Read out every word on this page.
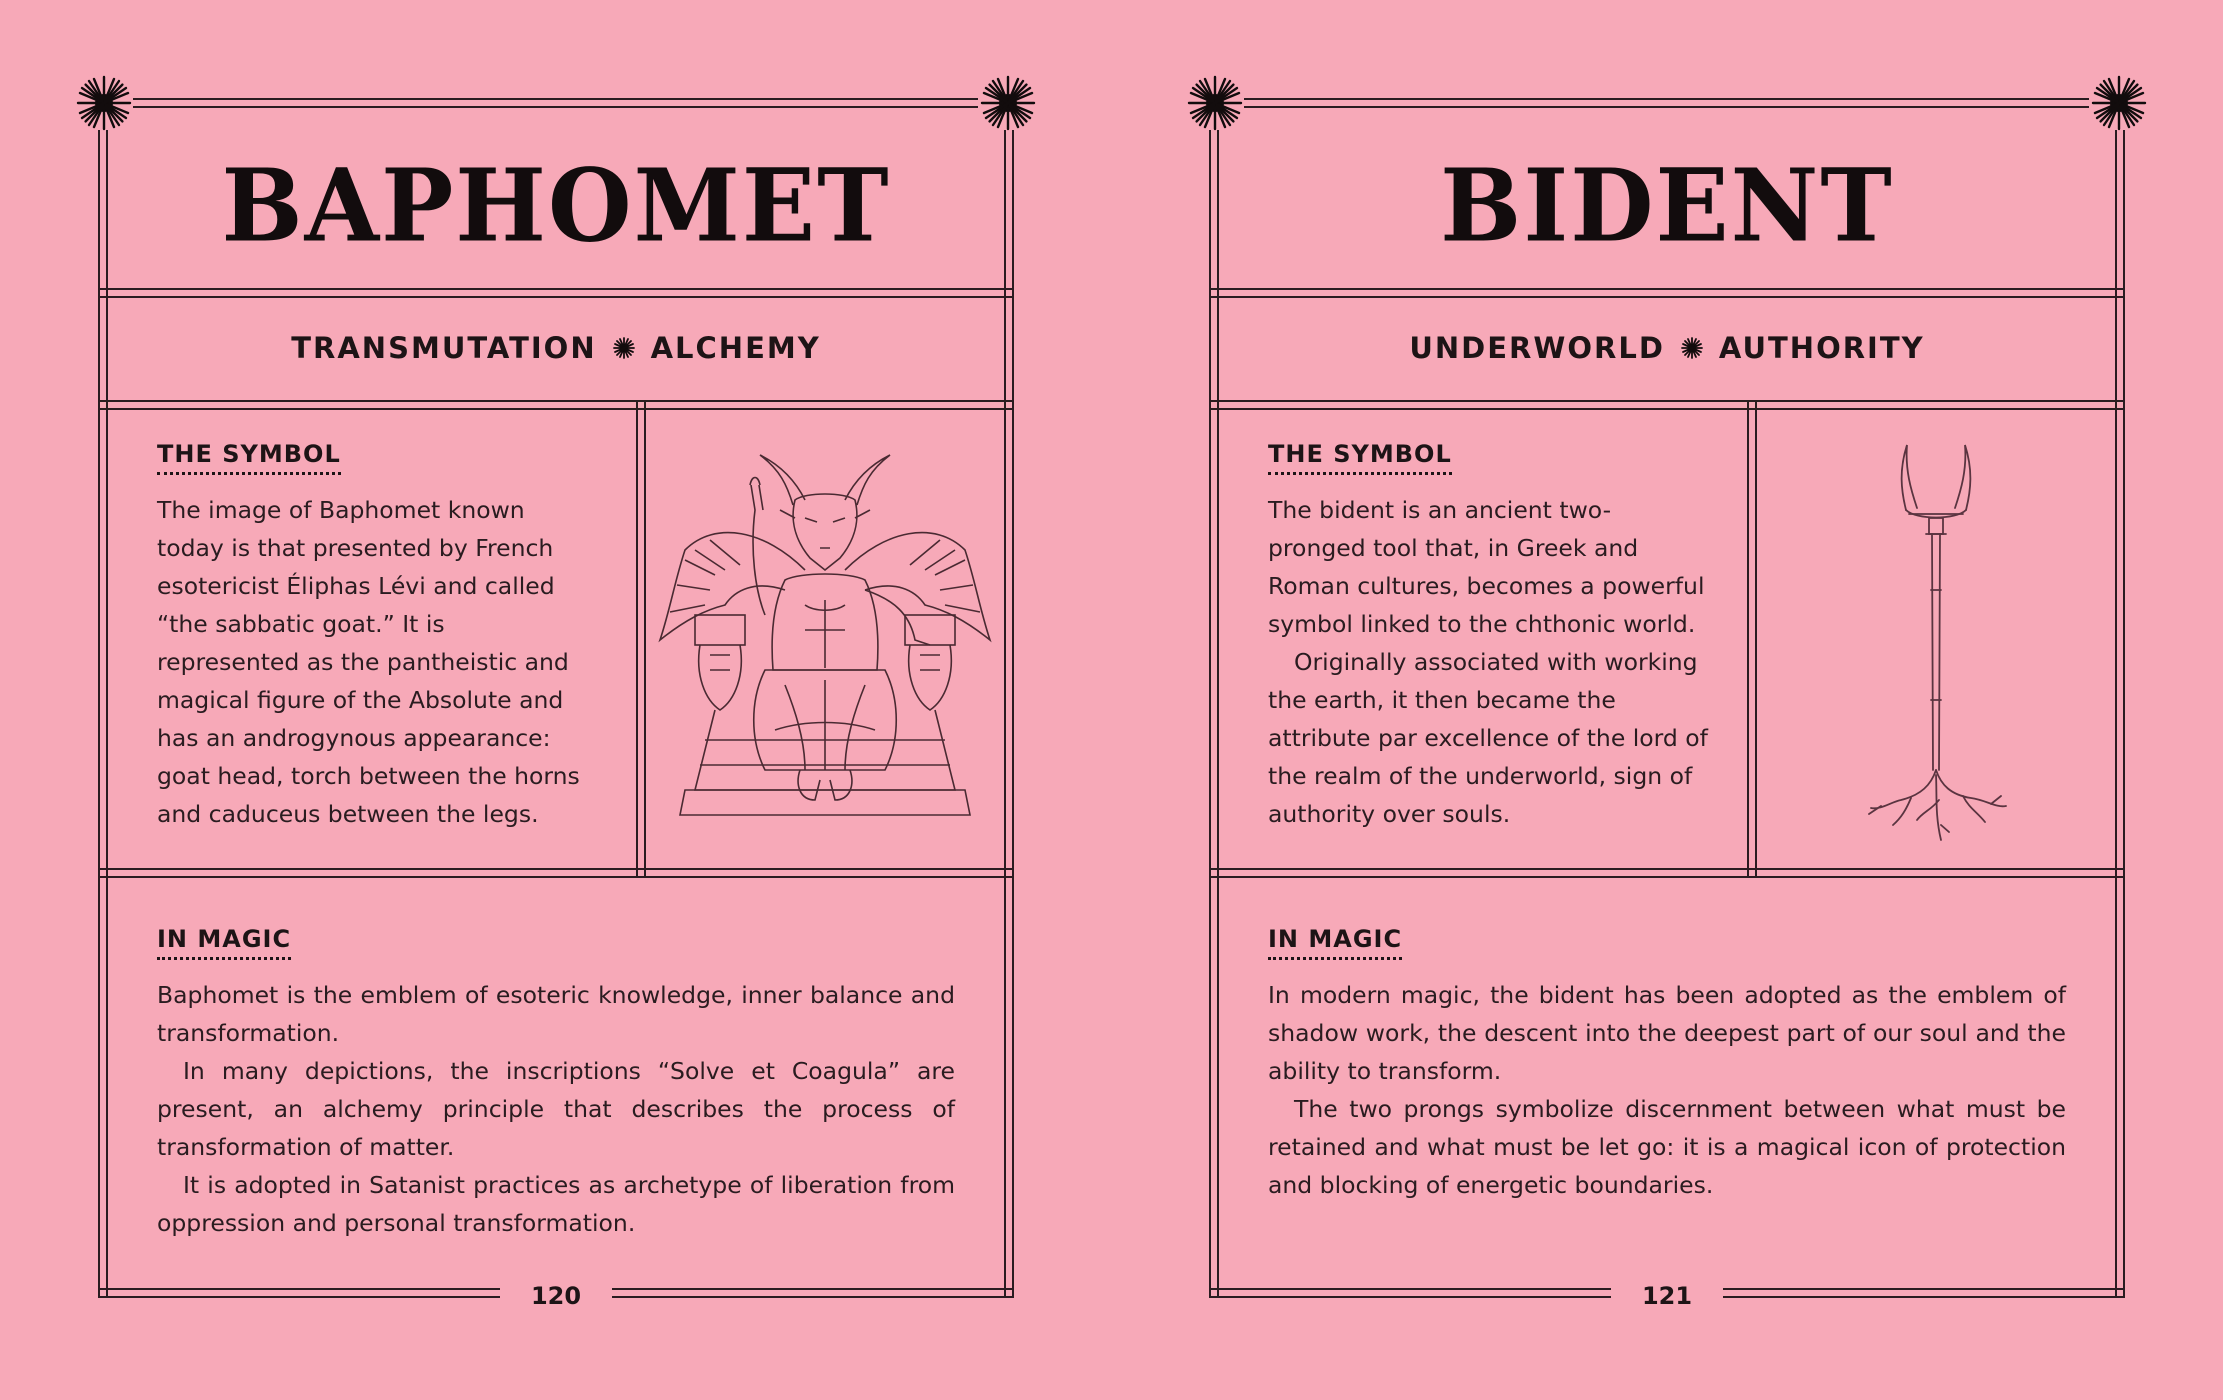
BAPHOMET
TRANSMUTATION ALCHEMY
THE SYMBOL

The image of Baphomet known today is that presented by French esotericist Éliphas Lévi and called “the sabbatic goat.” It is represented as the pantheistic and magical figure of the Absolute and has an androgynous appearance: goat head, torch between the horns and caduceus between the legs.

IN MAGIC

Baphomet is the emblem of esoteric knowledge, inner balance and transformation.

In many depictions, the inscriptions “Solve et Coagula” are present, an alchemy principle that describes the process of transformation of matter.

It is adopted in Satanist practices as archetype of liberation from oppression and personal transformation.

120
BIDENT
UNDERWORLD AUTHORITY
THE SYMBOL

The bident is an ancient two-pronged tool that, in Greek and Roman cultures, becomes a powerful symbol linked to the chthonic world.

Originally associated with working the earth, it then became the attribute par excellence of the lord of the realm of the underworld, sign of authority over souls.

IN MAGIC

In modern magic, the bident has been adopted as the emblem of shadow work, the descent into the deepest part of our soul and the ability to transform.

The two prongs symbolize discernment between what must be retained and what must be let go: it is a magical icon of protection and blocking of energetic boundaries.

121
